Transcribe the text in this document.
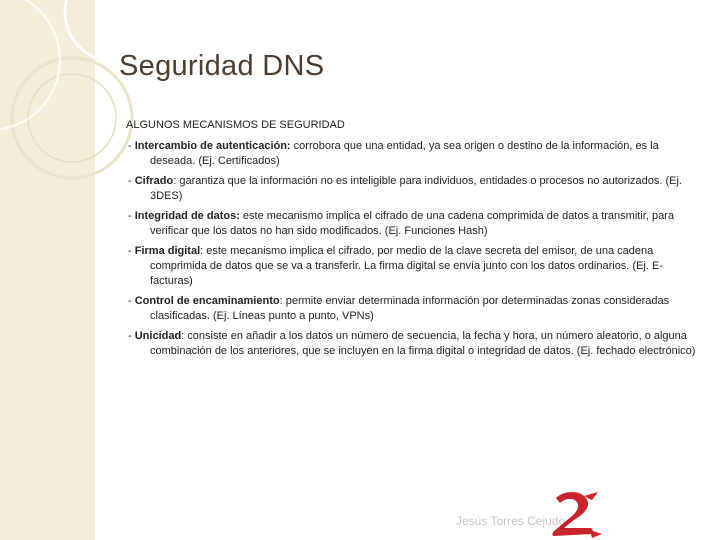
Seguridad DNS

ALGUNOS MECANISMOS DE SEGURIDAD

- Intercambio de autenticación: corrobora que una entidad, ya sea origen o destino de la información, es la deseada. (Ej. Certificados)

- Cifrado: garantiza que la información no es inteligible para individuos, entidades o procesos no autorizados. (Ej. 3DES)

- Integridad de datos: este mecanismo implica el cifrado de una cadena comprimida de datos a transmitir, para verificar que los datos no han sido modificados. (Ej. Funciones Hash)

- Firma digital: este mecanismo implica el cifrado, por medio de la clave secreta del emisor, de una cadena comprimida de datos que se va a transferir. La firma digital se envía junto con los datos ordinarios. (Ej. E-facturas)

- Control de encaminamiento: permite enviar determinada información por determinadas zonas consideradas clasificadas. (Ej. Líneas punto a punto, VPNs)

- Unicidad: consiste en añadir a los datos un número de secuencia, la fecha y hora, un número aleatorio, o alguna combinación de los anteriores, que se incluyen en la firma digital o integridad de datos. (Ej. fechado electrónico)

Jesús Torres Cejudo
